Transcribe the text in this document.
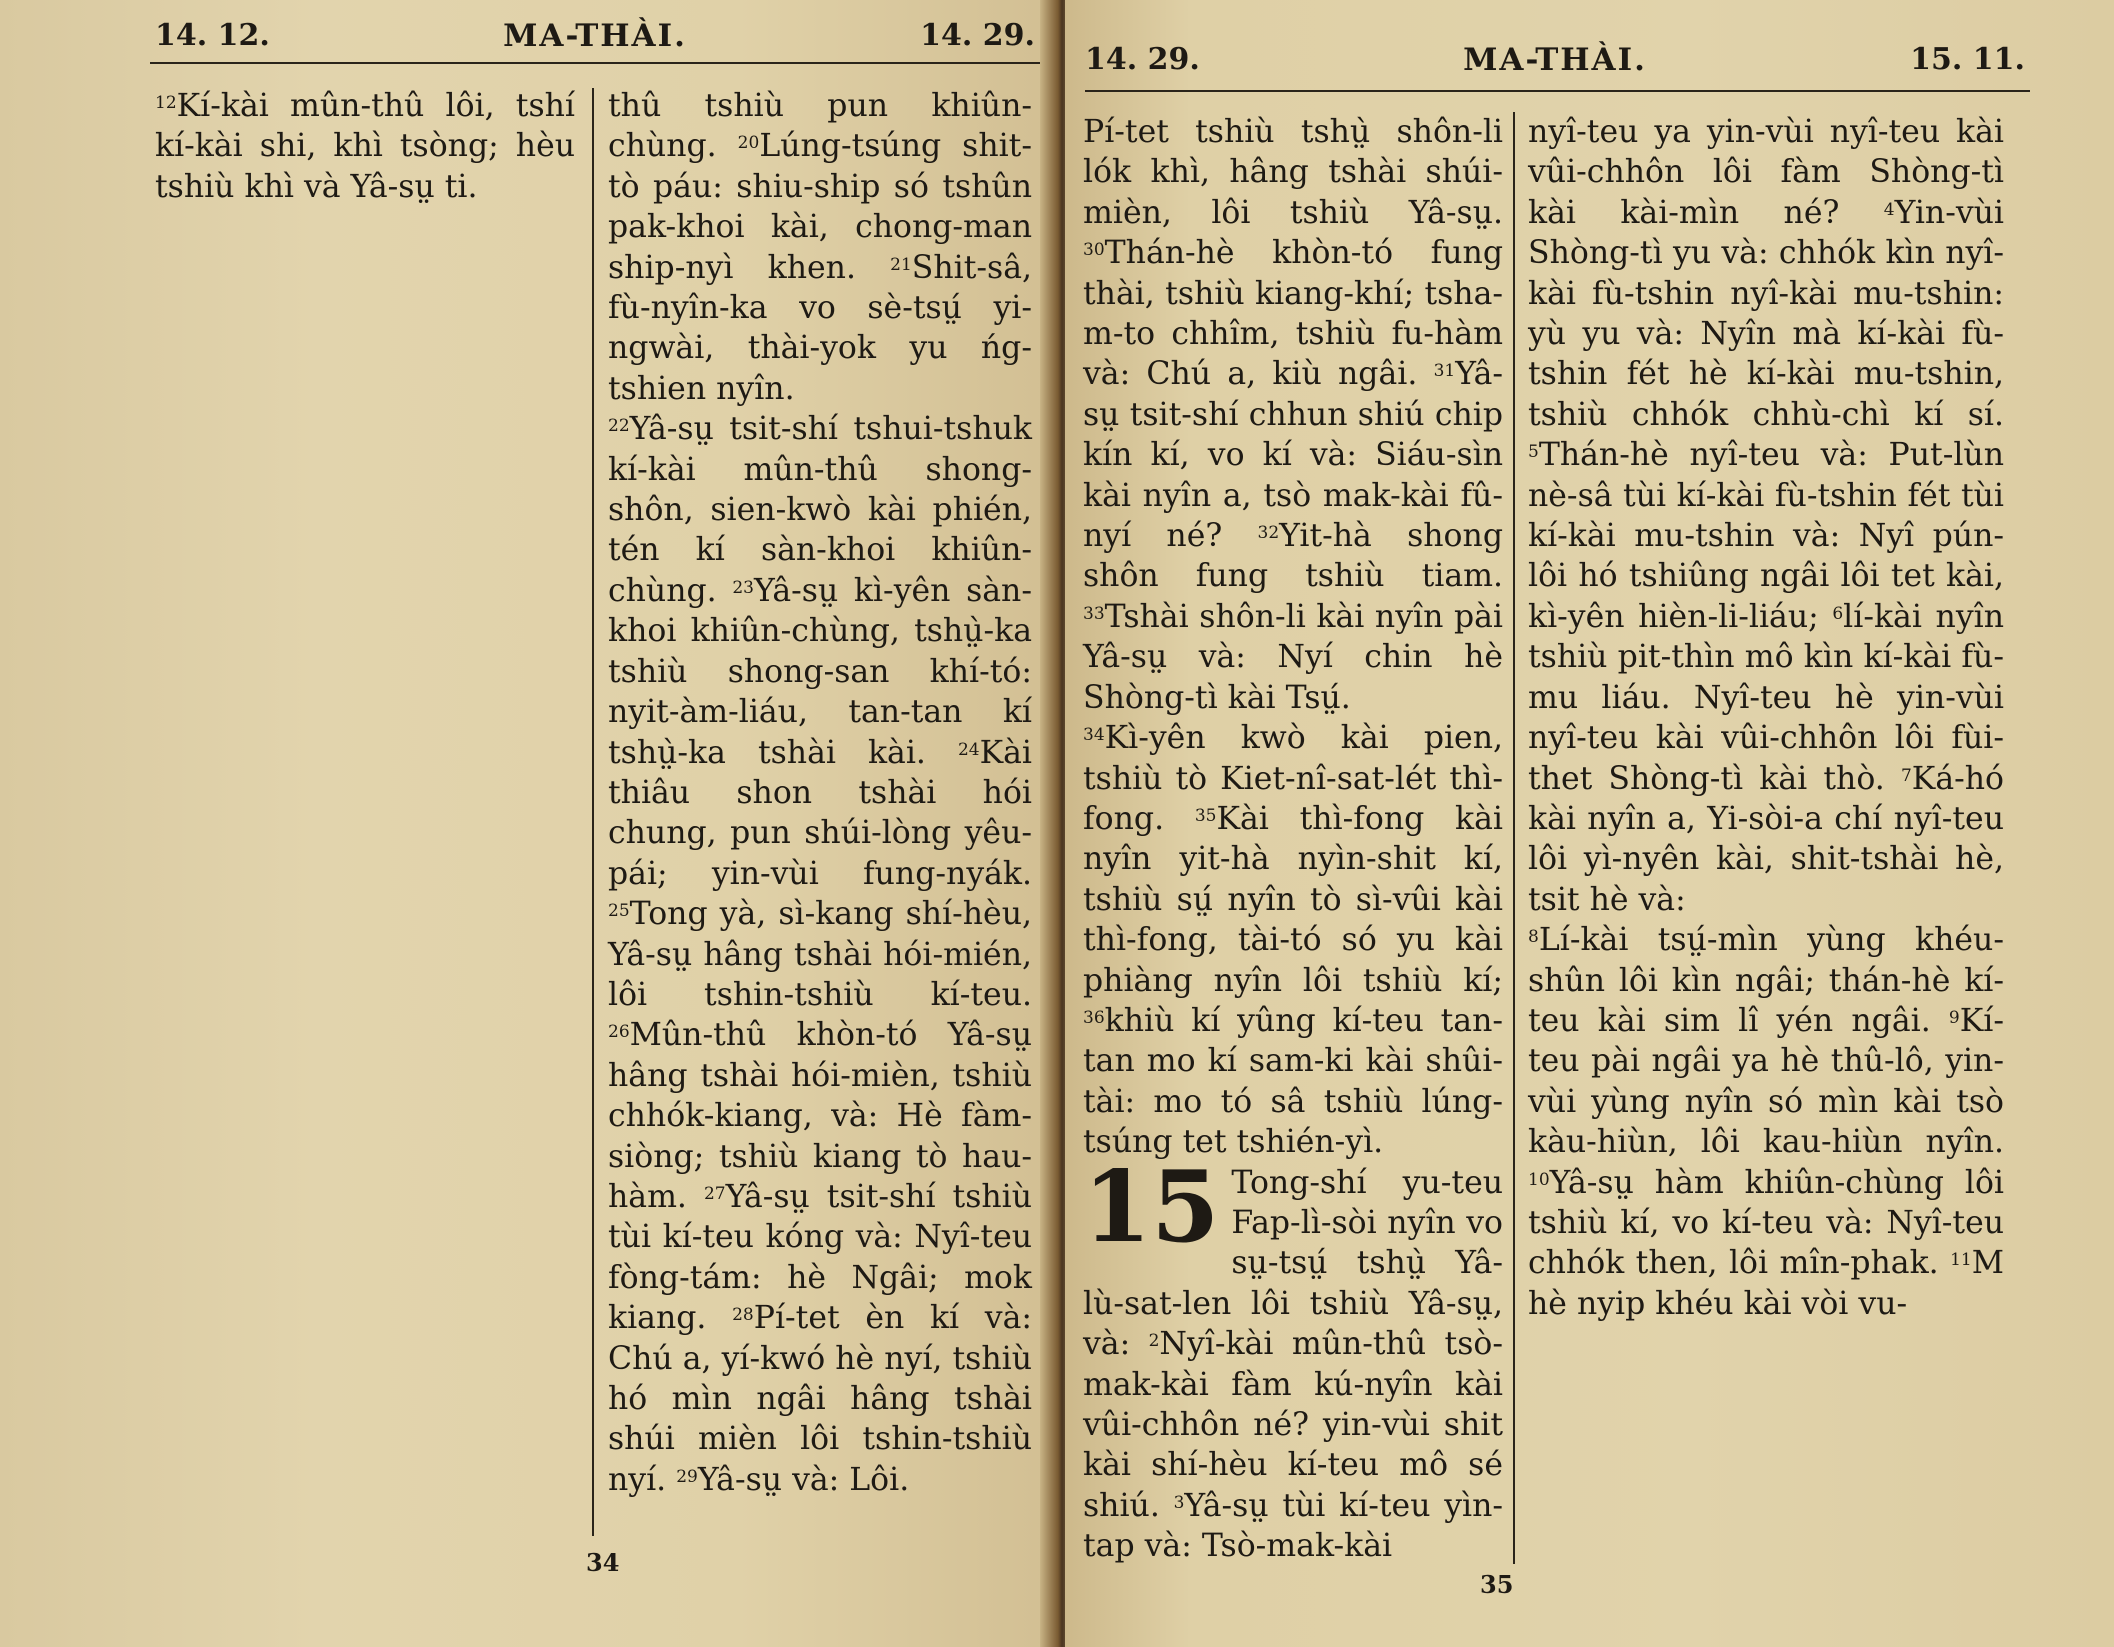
14. 12.	MA-THÀI.	14. 29.

$^{12}$Kí-kài mûn-thû lôi, tshí kí-kài shi, khì tsòng; hèu tshiù khì và Yâ-sṳ ti.

thû tshiù pun khiûn-chùng. $^{20}$Lúng-tsúng shit-tò páu: shiu-ship só tshûn pak-khoi kài, chong-man ship-nyì khen. $^{21}$Shit-sâ, fù-nyîn-ka vo sè-tsṳ́ yi-ngwài, thài-yok yu ńg-tshien nyîn.

$^{22}$Yâ-sṳ tsit-shí tshui-tshuk kí-kài mûn-thû shong-shôn, sien-kwò kài phién, tén kí sàn-khoi khiûn-chùng. $^{23}$Yâ-sṳ kì-yên sàn-khoi khiûn-chùng, tshṳ̀-ka tshiù shong-san khí-tó: nyit-àm-liáu, tan-tan kí tshṳ̀-ka tshài kài. $^{24}$Kài thiâu shon tshài hói chung, pun shúi-lòng yêu-pái; yin-vùi fung-nyák. $^{25}$Tong yà, sì-kang shí-hèu, Yâ-sṳ hâng tshài hói-mién, lôi tshin-tshiù kí-teu. $^{26}$Mûn-thû khòn-tó Yâ-sṳ hâng tshài hói-mièn, tshiù chhók-kiang, và: Hè fàm-siòng; tshiù kiang tò hau-hàm. $^{27}$Yâ-sṳ tsit-shí tshiù tùi kí-teu kóng và: Nyî-teu fòng-tám: hè Ngâi; mok kiang. $^{28}$Pí-tet èn kí và: Chú a, yí-kwó hè nyí, tshiù hó mìn ngâi hâng tshài shúi mièn lôi tshin-tshiù nyí. $^{29}$Yâ-sṳ và: Lôi.

34
14. 29.	MA-THÀI.	15. 11.

Pí-tet tshiù tshṳ̀ shôn-li lók khì, hâng tshài shúi-mièn, lôi tshiù Yâ-sṳ. $^{30}$Thán-hè khòn-tó fung thài, tshiù kiang-khí; tsha-m-to chhîm, tshiù fu-hàm và: Chú a, kiù ngâi. $^{31}$Yâ-sṳ tsit-shí chhun shiú chip kín kí, vo kí và: Siáu-sìn kài nyîn a, tsò mak-kài fû-nyí né? $^{32}$Yit-hà shong shôn fung tshiù tiam. $^{33}$Tshài shôn-li kài nyîn pài Yâ-sṳ và: Nyí chin hè Shòng-tì kài Tsṳ́.

$^{34}$Kì-yên kwò kài pien, tshiù tò Kiet-nî-sat-lét thì-fong. $^{35}$Kài thì-fong kài nyîn yit-hà nyìn-shit kí, tshiù sṳ́ nyîn tò sì-vûi kài thì-fong, tài-tó só yu kài phiàng nyîn lôi tshiù kí; $^{36}$khiù kí yûng kí-teu tan-tan mo kí sam-ki kài shûi-tài: mo tó sâ tshiù lúng-tsúng tet tshién-yì.

15 Tong-shí yu-teu Fap-lì-sòi nyîn vo sṳ-tsṳ́ tshṳ̀ Yâ-lù-sat-len lôi tshiù Yâ-sṳ, và: $^2$Nyî-kài mûn-thû tsò-mak-kài fàm kú-nyîn kài vûi-chhôn né? yin-vùi shit kài shí-hèu kí-teu mô sé shiú. $^3$Yâ-sṳ tùi kí-teu yìn-tap và: Tsò-mak-kài

nyî-teu ya yin-vùi nyî-teu kài vûi-chhôn lôi fàm Shòng-tì kài kài-mìn né? $^4$Yin-vùi Shòng-tì yu và: chhók kìn nyî-kài fù-tshin nyî-kài mu-tshin: yù yu và: Nyîn mà kí-kài fù-tshin fét hè kí-kài mu-tshin, tshiù chhók chhù-chì kí sí. $^5$Thán-hè nyî-teu và: Put-lùn nè-sâ tùi kí-kài fù-tshin fét tùi kí-kài mu-tshin và: Nyî pún-lôi hó tshiûng ngâi lôi tet kài, kì-yên hièn-li-liáu; $^6$lí-kài nyîn tshiù pit-thìn mô kìn kí-kài fù-mu liáu. Nyî-teu hè yin-vùi nyî-teu kài vûi-chhôn lôi fùi-thet Shòng-tì kài thò. $^7$Ká-hó kài nyîn a, Yi-sòi-a chí nyî-teu lôi yì-nyên kài, shit-tshài hè, tsit hè và:

$^8$Lí-kài tsṳ́-mìn yùng khéu-shûn lôi kìn ngâi; thán-hè kí-teu kài sim lî yén ngâi. $^9$Kí-teu pài ngâi ya hè thû-lô, yin-vùi yùng nyîn só mìn kài tsò kàu-hiùn, lôi kau-hiùn nyîn. $^{10}$Yâ-sṳ hàm khiûn-chùng lôi tshiù kí, vo kí-teu và: Nyî-teu chhók then, lôi mîn-phak. $^{11}$M hè nyip khéu kài vòi vu-

35
